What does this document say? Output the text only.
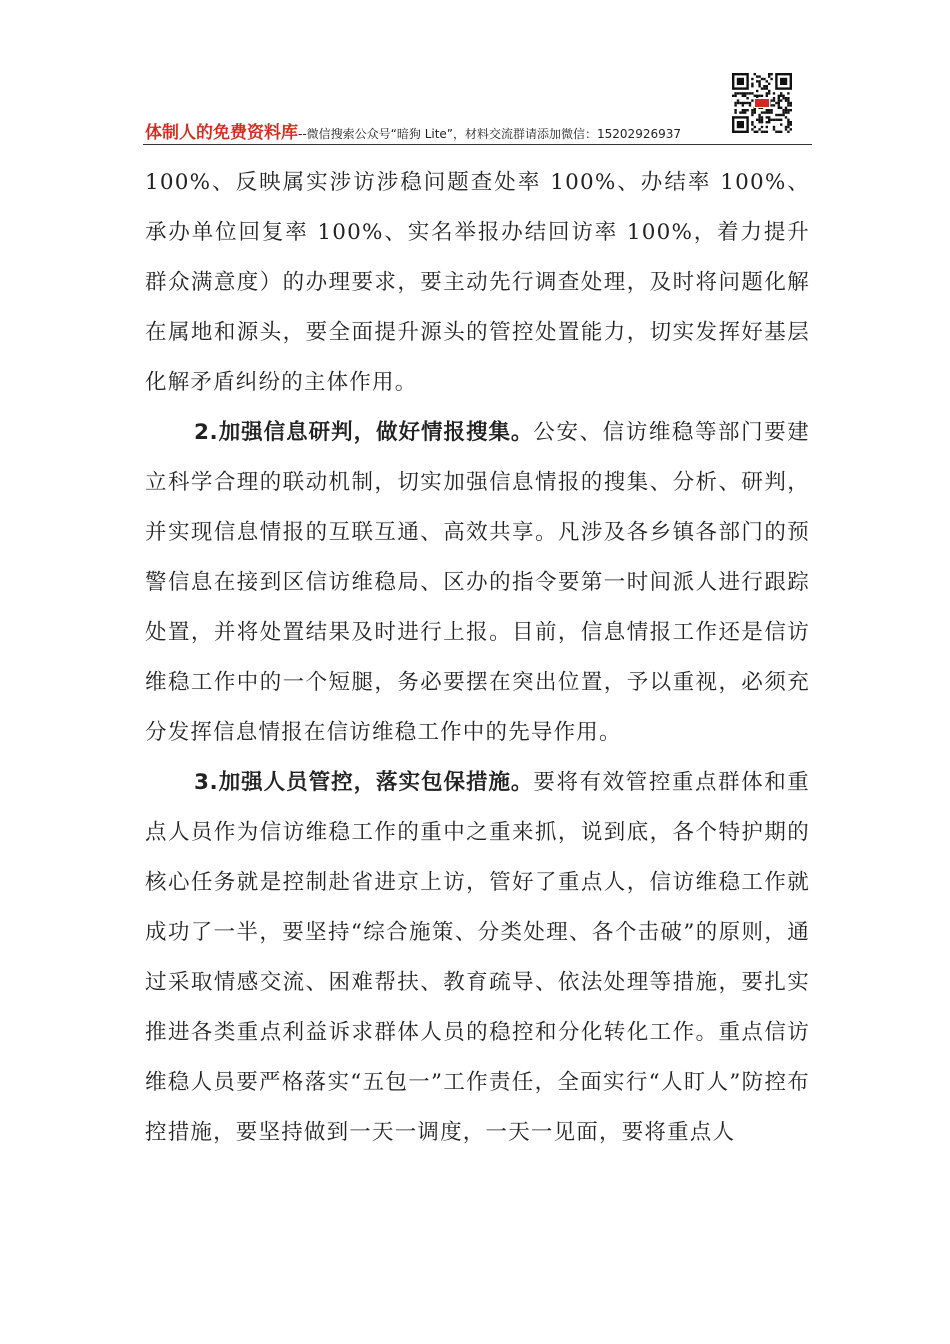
体制人的免费资料库--微信搜索公众号“暗狗 Lite”，材料交流群请添加微信：15202926937

100%、反映属实涉访涉稳问题查处率 100%、办结率 100%、承办单位回复率 100%、实名举报办结回访率 100%，着力提升群众满意度）的办理要求，要主动先行调查处理，及时将问题化解在属地和源头，要全面提升源头的管控处置能力，切实发挥好基层化解矛盾纠纷的主体作用。

2.加强信息研判，做好情报搜集。公安、信访维稳等部门要建立科学合理的联动机制，切实加强信息情报的搜集、分析、研判，并实现信息情报的互联互通、高效共享。凡涉及各乡镇各部门的预警信息在接到区信访维稳局、区办的指令要第一时间派人进行跟踪处置，并将处置结果及时进行上报。目前，信息情报工作还是信访维稳工作中的一个短腿，务必要摆在突出位置，予以重视，必须充分发挥信息情报在信访维稳工作中的先导作用。

3.加强人员管控，落实包保措施。要将有效管控重点群体和重点人员作为信访维稳工作的重中之重来抓，说到底，各个特护期的核心任务就是控制赴省进京上访，管好了重点人，信访维稳工作就成功了一半，要坚持“综合施策、分类处理、各个击破”的原则，通过采取情感交流、困难帮扶、教育疏导、依法处理等措施，要扎实推进各类重点利益诉求群体人员的稳控和分化转化工作。重点信访维稳人员要严格落实“五包一”工作责任，全面实行“人盯人”防控布控措施，要坚持做到一天一调度，一天一见面，要将重点人
